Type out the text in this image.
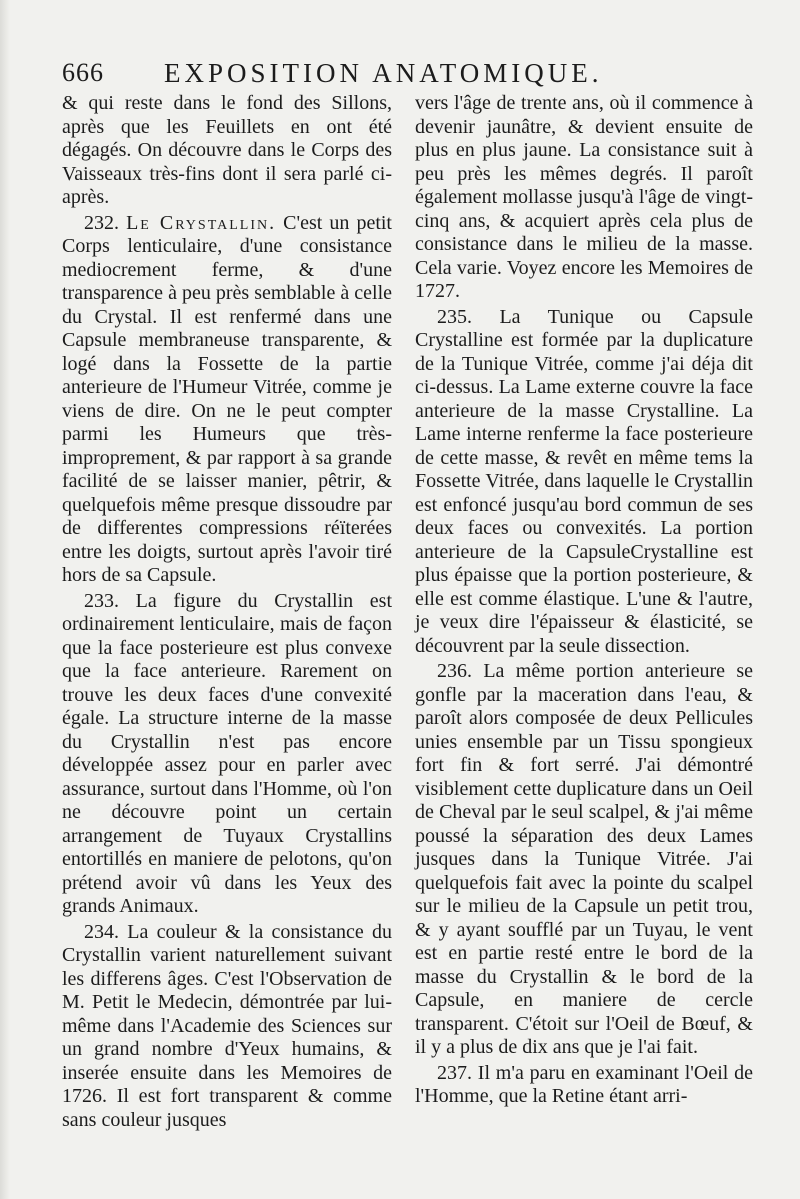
666 EXPOSITION ANATOMIQUE.

& qui reste dans le fond des Sillons, après que les Feuillets en ont été dégagés. On découvre dans le Corps des Vaisseaux très-fins dont il sera parlé ci-après.

232. Le Crystallin. C'est un petit Corps lenticulaire, d'une consistance mediocrement ferme, & d'une transparence à peu près semblable à celle du Crystal. Il est renfermé dans une Capsule membraneuse transparente, & logé dans la Fossette de la partie anterieure de l'Humeur Vitrée, comme je viens de dire. On ne le peut compter parmi les Humeurs que très-improprement, & par rapport à sa grande facilité de se laisser manier, pêtrir, & quelquefois même presque dissoudre par de differentes compressions réïterées entre les doigts, surtout après l'avoir tiré hors de sa Capsule.

233. La figure du Crystallin est ordinairement lenticulaire, mais de façon que la face posterieure est plus convexe que la face anterieure. Rarement on trouve les deux faces d'une convexité égale. La structure interne de la masse du Crystallin n'est pas encore développée assez pour en parler avec assurance, surtout dans l'Homme, où l'on ne découvre point un certain arrangement de Tuyaux Crystallins entortillés en maniere de pelotons, qu'on prétend avoir vû dans les Yeux des grands Animaux.

234. La couleur & la consistance du Crystallin varient naturellement suivant les differens âges. C'est l'Observation de M. Petit le Medecin, démontrée par lui-même dans l'Academie des Sciences sur un grand nombre d'Yeux humains, & inserée ensuite dans les Memoires de 1726. Il est fort transparent & comme sans couleur jusques

vers l'âge de trente ans, où il commence à devenir jaunâtre, & devient ensuite de plus en plus jaune. La consistance suit à peu près les mêmes degrés. Il paroît également mollasse jusqu'à l'âge de vingt-cinq ans, & acquiert après cela plus de consistance dans le milieu de la masse. Cela varie. Voyez encore les Memoires de 1727.

235. La Tunique ou Capsule Crystalline est formée par la duplicature de la Tunique Vitrée, comme j'ai déja dit ci-dessus. La Lame externe couvre la face anterieure de la masse Crystalline. La Lame interne renferme la face posterieure de cette masse, & revêt en même tems la Fossette Vitrée, dans laquelle le Crystallin est enfoncé jusqu'au bord commun de ses deux faces ou convexités. La portion anterieure de la CapsuleCrystalline est plus épaisse que la portion posterieure, & elle est comme élastique. L'une & l'autre, je veux dire l'épaisseur & élasticité, se découvrent par la seule dissection.

236. La même portion anterieure se gonfle par la maceration dans l'eau, & paroît alors composée de deux Pellicules unies ensemble par un Tissu spongieux fort fin & fort serré. J'ai démontré visiblement cette duplicature dans un Oeil de Cheval par le seul scalpel, & j'ai même poussé la séparation des deux Lames jusques dans la Tunique Vitrée. J'ai quelquefois fait avec la pointe du scalpel sur le milieu de la Capsule un petit trou, & y ayant soufflé par un Tuyau, le vent est en partie resté entre le bord de la masse du Crystallin & le bord de la Capsule, en maniere de cercle transparent. C'étoit sur l'Oeil de Bœuf, & il y a plus de dix ans que je l'ai fait.

237. Il m'a paru en examinant l'Oeil de l'Homme, que la Retine étant arri-
